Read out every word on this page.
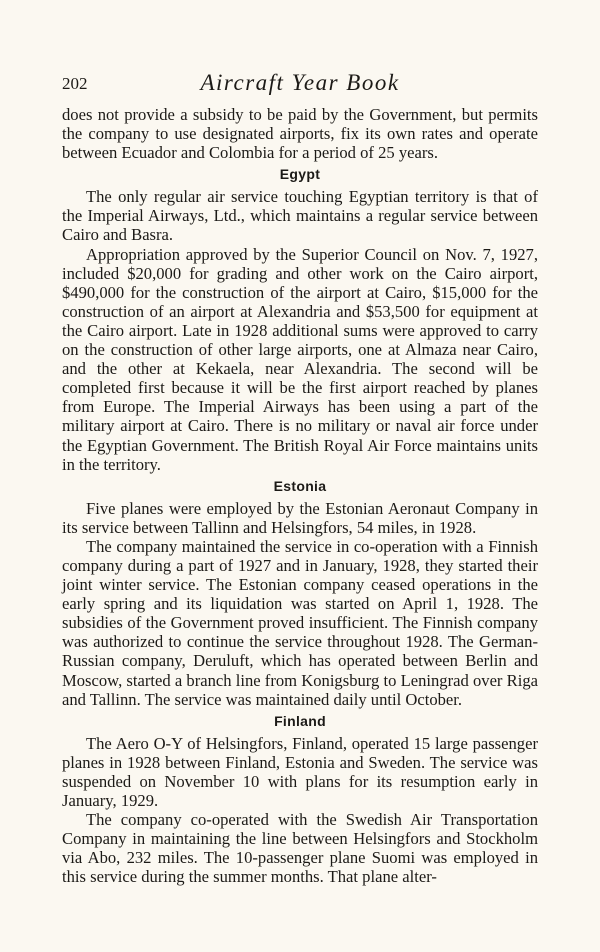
202	Aircraft Year Book

does not provide a subsidy to be paid by the Government, but permits the company to use designated airports, fix its own rates and operate between Ecuador and Colombia for a period of 25 years.

Egypt

The only regular air service touching Egyptian territory is that of the Imperial Airways, Ltd., which maintains a regular service between Cairo and Basra.

Appropriation approved by the Superior Council on Nov. 7, 1927, included $20,000 for grading and other work on the Cairo airport, $490,000 for the construction of the airport at Cairo, $15,000 for the construction of an airport at Alexandria and $53,500 for equipment at the Cairo airport. Late in 1928 additional sums were approved to carry on the construction of other large airports, one at Almaza near Cairo, and the other at Kekaela, near Alexandria. The second will be completed first because it will be the first airport reached by planes from Europe. The Imperial Airways has been using a part of the military airport at Cairo. There is no military or naval air force under the Egyptian Government. The British Royal Air Force maintains units in the territory.

Estonia

Five planes were employed by the Estonian Aeronaut Company in its service between Tallinn and Helsingfors, 54 miles, in 1928.

The company maintained the service in co-operation with a Finnish company during a part of 1927 and in January, 1928, they started their joint winter service. The Estonian company ceased operations in the early spring and its liquidation was started on April 1, 1928. The subsidies of the Government proved insufficient. The Finnish company was authorized to continue the service throughout 1928. The German-Russian company, Deruluft, which has operated between Berlin and Moscow, started a branch line from Konigsburg to Leningrad over Riga and Tallinn. The service was maintained daily until October.

Finland

The Aero O-Y of Helsingfors, Finland, operated 15 large passenger planes in 1928 between Finland, Estonia and Sweden. The service was suspended on November 10 with plans for its resumption early in January, 1929.

The company co-operated with the Swedish Air Transportation Company in maintaining the line between Helsingfors and Stockholm via Abo, 232 miles. The 10-passenger plane Suomi was employed in this service during the summer months. That plane alter-
